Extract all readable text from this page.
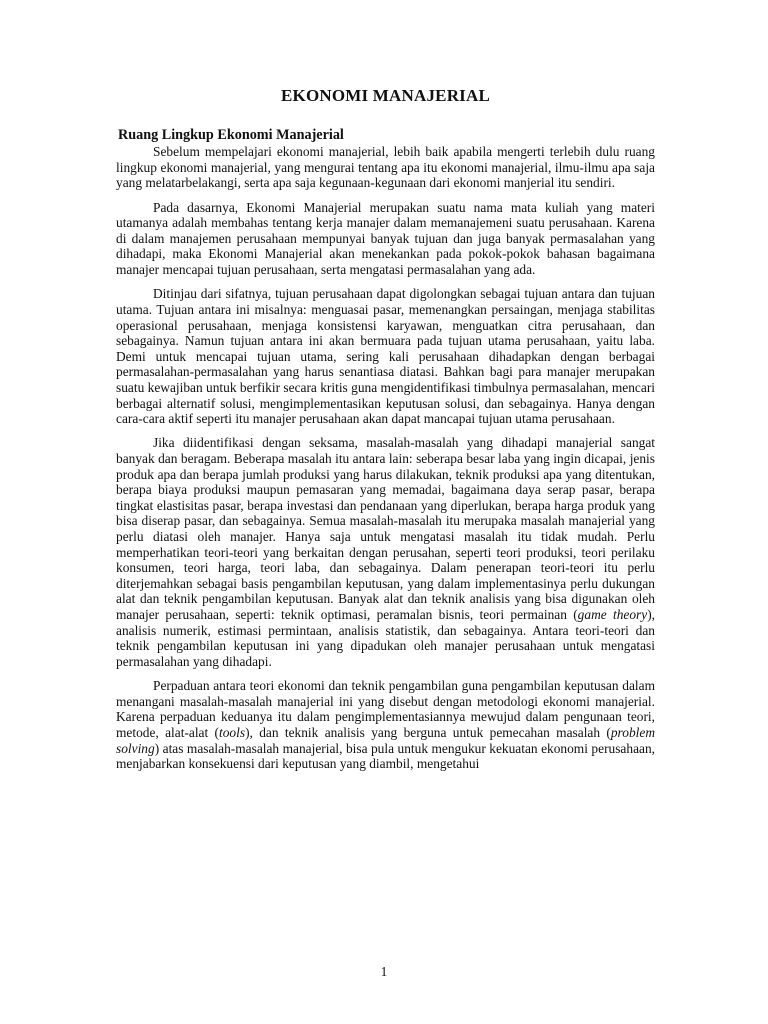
EKONOMI MANAJERIAL
Ruang Lingkup Ekonomi Manajerial

Sebelum mempelajari ekonomi manajerial, lebih baik apabila mengerti terlebih dulu ruang lingkup ekonomi manajerial, yang mengurai tentang apa itu ekonomi manajerial, ilmu-ilmu apa saja yang melatarbelakangi, serta apa saja kegunaan-kegunaan dari ekonomi manjerial itu sendiri.

Pada dasarnya, Ekonomi Manajerial merupakan suatu nama mata kuliah yang materi utamanya adalah membahas tentang kerja manajer dalam memanajemeni suatu perusahaan. Karena di dalam manajemen perusahaan mempunyai banyak tujuan dan juga banyak permasalahan yang dihadapi, maka Ekonomi Manajerial akan menekankan pada pokok-pokok bahasan bagaimana manajer mencapai tujuan perusahaan, serta mengatasi permasalahan yang ada.

Ditinjau dari sifatnya, tujuan perusahaan dapat digolongkan sebagai tujuan antara dan tujuan utama. Tujuan antara ini misalnya: menguasai pasar, memenangkan persaingan, menjaga stabilitas operasional perusahaan, menjaga konsistensi karyawan, menguatkan citra perusahaan, dan sebagainya. Namun tujuan antara ini akan bermuara pada tujuan utama perusahaan, yaitu laba. Demi untuk mencapai tujuan utama, sering kali perusahaan dihadapkan dengan berbagai permasalahan-permasalahan yang harus senantiasa diatasi. Bahkan bagi para manajer merupakan suatu kewajiban untuk berfikir secara kritis guna mengidentifikasi timbulnya permasalahan, mencari berbagai alternatif solusi, mengimplementasikan keputusan solusi, dan sebagainya. Hanya dengan cara-cara aktif seperti itu manajer perusahaan akan dapat mancapai tujuan utama perusahaan.

Jika diidentifikasi dengan seksama, masalah-masalah yang dihadapi manajerial sangat banyak dan beragam. Beberapa masalah itu antara lain: seberapa besar laba yang ingin dicapai, jenis produk apa dan berapa jumlah produksi yang harus dilakukan, teknik produksi apa yang ditentukan, berapa biaya produksi maupun pemasaran yang memadai, bagaimana daya serap pasar, berapa tingkat elastisitas pasar, berapa investasi dan pendanaan yang diperlukan, berapa harga produk yang bisa diserap pasar, dan sebagainya. Semua masalah-masalah itu merupaka masalah manajerial yang perlu diatasi oleh manajer. Hanya saja untuk mengatasi masalah itu tidak mudah. Perlu memperhatikan teori-teori yang berkaitan dengan perusahan, seperti teori produksi, teori perilaku konsumen, teori harga, teori laba, dan sebagainya. Dalam penerapan teori-teori itu perlu diterjemahkan sebagai basis pengambilan keputusan, yang dalam implementasinya perlu dukungan alat dan teknik pengambilan keputusan. Banyak alat dan teknik analisis yang bisa digunakan oleh manajer perusahaan, seperti: teknik optimasi, peramalan bisnis, teori permainan (game theory), analisis numerik, estimasi permintaan, analisis statistik, dan sebagainya. Antara teori-teori dan teknik pengambilan keputusan ini yang dipadukan oleh manajer perusahaan untuk mengatasi permasalahan yang dihadapi.

Perpaduan antara teori ekonomi dan teknik pengambilan guna pengambilan keputusan dalam menangani masalah-masalah manajerial ini yang disebut dengan metodologi ekonomi manajerial. Karena perpaduan keduanya itu dalam pengimplementasiannya mewujud dalam pengunaan teori, metode, alat-alat (tools), dan teknik analisis yang berguna untuk pemecahan masalah (problem solving) atas masalah-masalah manajerial, bisa pula untuk mengukur kekuatan ekonomi perusahaan, menjabarkan konsekuensi dari keputusan yang diambil, mengetahui

1
